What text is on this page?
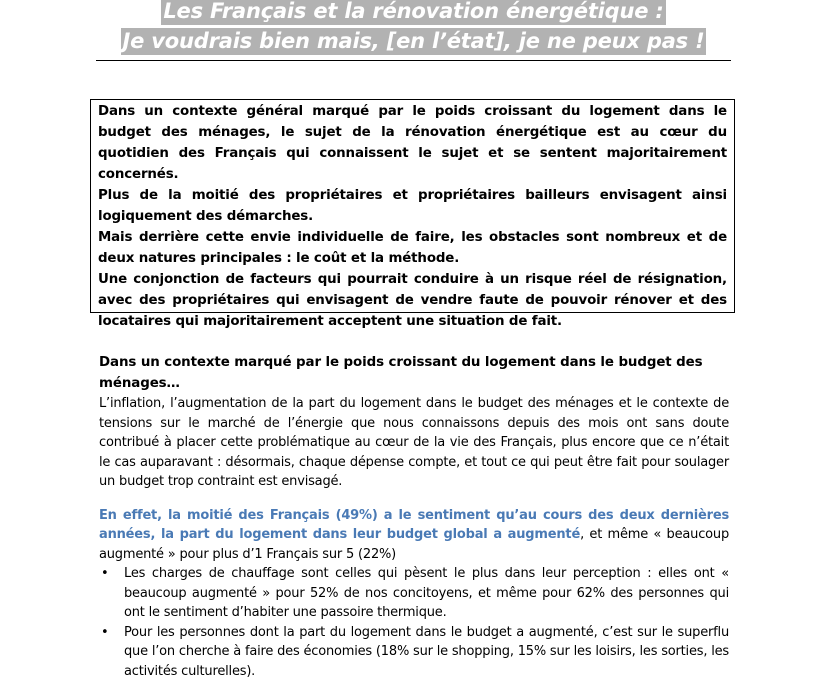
Les Français et la rénovation énergétique :
Je voudrais bien mais, [en l’état], je ne peux pas !

Dans un contexte général marqué par le poids croissant du logement dans le budget des ménages, le sujet de la rénovation énergétique est au cœur du quotidien des Français qui connaissent le sujet et se sentent majoritairement concernés.

Plus de la moitié des propriétaires et propriétaires bailleurs envisagent ainsi logiquement des démarches.

Mais derrière cette envie individuelle de faire, les obstacles sont nombreux et de deux natures principales : le coût et la méthode.

Une conjonction de facteurs qui pourrait conduire à un risque réel de résignation, avec des propriétaires qui envisagent de vendre faute de pouvoir rénover et des locataires qui majoritairement acceptent une situation de fait.

Dans un contexte marqué par le poids croissant du logement dans le budget des ménages…

L’inflation, l’augmentation de la part du logement dans le budget des ménages et le contexte de tensions sur le marché de l’énergie que nous connaissons depuis des mois ont sans doute contribué à placer cette problématique au cœur de la vie des Français, plus encore que ce n’était le cas auparavant : désormais, chaque dépense compte, et tout ce qui peut être fait pour soulager un budget trop contraint est envisagé.

En effet, la moitié des Français (49%) a le sentiment qu’au cours des deux dernières années, la part du logement dans leur budget global a augmenté, et même « beaucoup augmenté » pour plus d’1 Français sur 5 (22%)

• Les charges de chauffage sont celles qui pèsent le plus dans leur perception : elles ont « beaucoup augmenté » pour 52% de nos concitoyens, et même pour 62% des personnes qui ont le sentiment d’habiter une passoire thermique.
• Pour les personnes dont la part du logement dans le budget a augmenté, c’est sur le superflu que l’on cherche à faire des économies (18% sur le shopping, 15% sur les loisirs, les sorties, les activités culturelles).
